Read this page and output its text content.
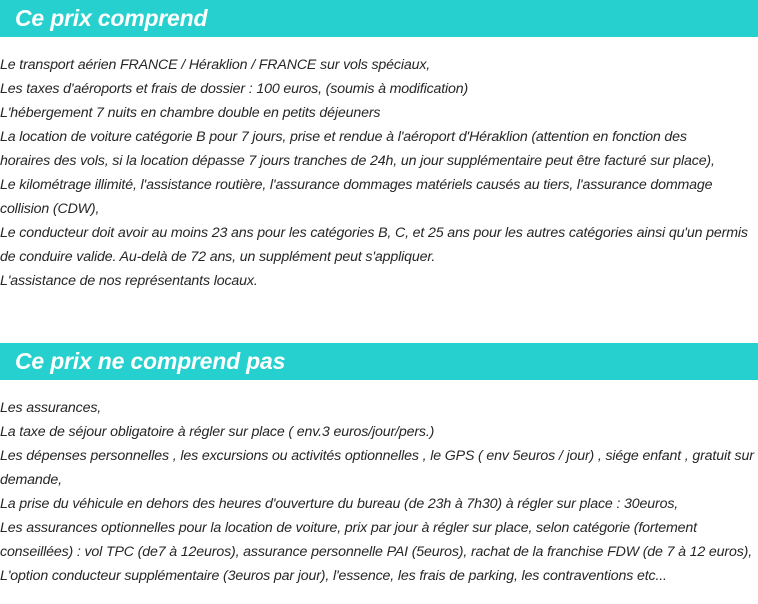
Ce prix comprend
Le transport aérien FRANCE / Héraklion / FRANCE sur vols spéciaux,
Les taxes d'aéroports et frais de dossier : 100 euros, (soumis à modification)
L'hébergement 7 nuits en chambre double en petits déjeuners
La location de voiture catégorie B pour 7 jours, prise et rendue à l'aéroport d'Héraklion (attention en fonction des
horaires des vols, si la location dépasse 7 jours tranches de 24h, un jour supplémentaire peut être facturé sur place),
Le kilométrage illimité, l'assistance routière, l'assurance dommages matériels causés au tiers, l'assurance dommage
collision (CDW),
Le conducteur doit avoir au moins 23 ans pour les catégories B, C, et 25 ans pour les autres catégories ainsi qu'un permis
de conduire valide. Au-delà de 72 ans, un supplément peut s'appliquer.
L'assistance de nos représentants locaux.
Ce prix ne comprend pas
Les assurances,
La taxe de séjour obligatoire à régler sur place ( env.3 euros/jour/pers.)
Les dépenses personnelles , les excursions ou activités optionnelles , le GPS ( env 5euros / jour) , siége enfant , gratuit sur
demande,
La prise du véhicule en dehors des heures d'ouverture du bureau (de 23h à 7h30) à régler sur place : 30euros,
Les assurances optionnelles pour la location de voiture, prix par jour à régler sur place, selon catégorie (fortement
conseillées) : vol TPC (de7 à 12euros), assurance personnelle PAI (5euros), rachat de la franchise FDW (de 7 à 12 euros),
L'option conducteur supplémentaire (3euros par jour), l'essence, les frais de parking, les contraventions etc...
